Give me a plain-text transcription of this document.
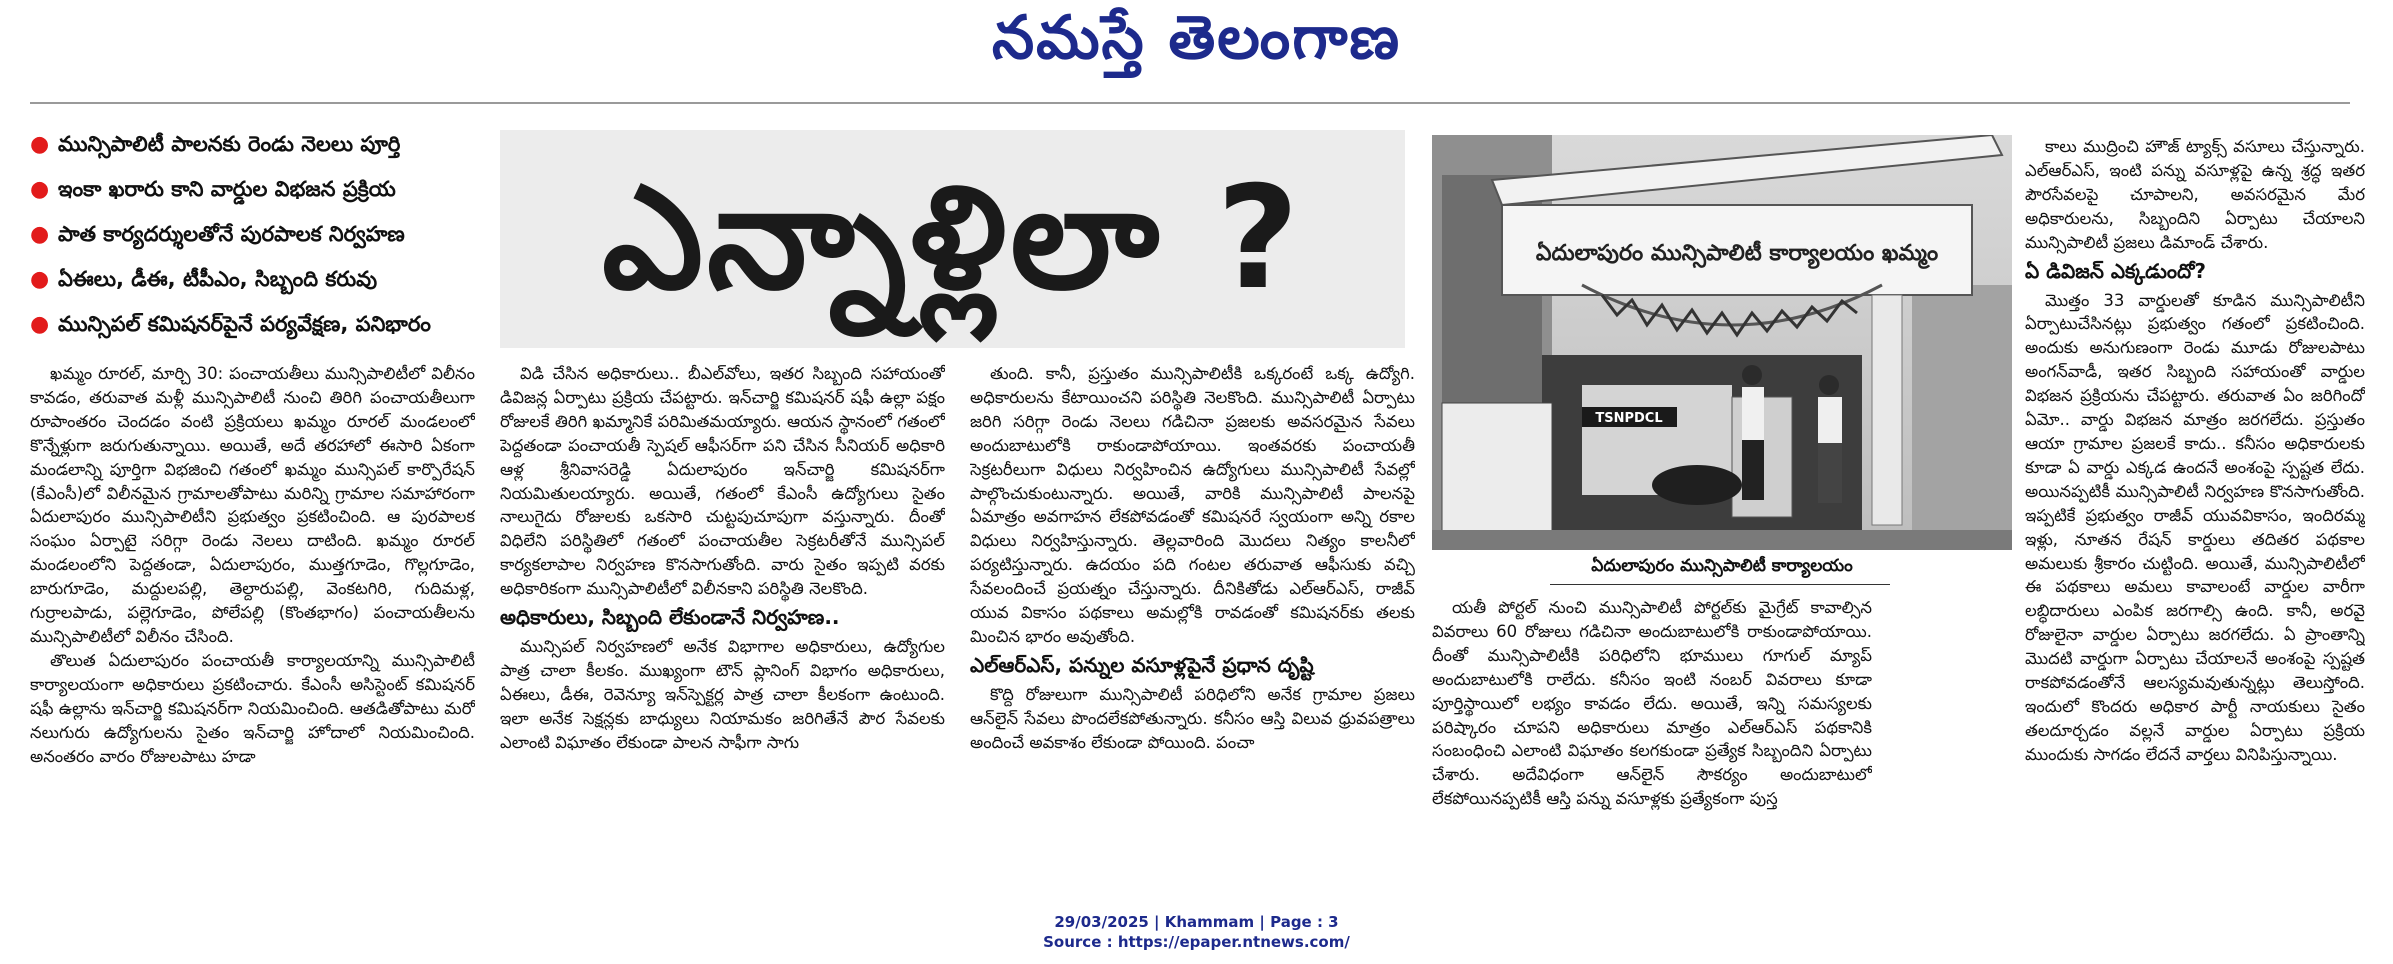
నమస్తే తెలంగాణ
● మున్సిపాలిటీ పాలనకు రెండు నెలలు పూర్తి
● ఇంకా ఖరారు కాని వార్డుల విభజన ప్రక్రియ
● పాత కార్యదర్శులతోనే పురపాలక నిర్వహణ
● ఏఈలు, డీఈ, టీపీఎం, సిబ్బంది కరువు
● మున్సిపల్ కమిషనర్‌పైనే పర్యవేక్షణ, పనిభారం
ఎన్నాళ్లిలా ?	ఏదులాపురం మున్సిపాలిటీ కార్యాలయం ఖమ్మం
TSNPDCL
ఏదులాపురం మున్సిపాలిటీ కార్యాలయం

ఖమ్మం రూరల్‌, మార్చి 30: పంచాయతీలు మున్సిపాలిటీలో విలీనం కావడం, తరువాత మళ్లీ మున్సిపాలిటీ నుంచి తిరిగి పంచాయతీలుగా రూపాంతరం చెందడం వంటి ప్రక్రియలు ఖమ్మం రూరల్‌ మండలంలో కొన్నేళ్లుగా జరుగుతున్నాయి. అయితే, అదే తరహాలో ఈసారి ఏకంగా మండలాన్ని పూర్తిగా విభజించి గతంలో ఖమ్మం మున్సిపల్‌ కార్పొరేషన్‌ (కేఎంసీ)లో విలీనమైన గ్రామాలతోపాటు మరిన్ని గ్రామాల సమాహారంగా ఏదులాపురం మున్సిపాలిటీని ప్రభుత్వం ప్రకటించింది. ఆ పురపాలక సంఘం ఏర్పాటై సరిగ్గా రెండు నెలలు దాటింది. ఖమ్మం రూరల్‌ మండలంలోని పెద్దతండా, ఏదులాపురం, ముత్తగూడెం, గొల్లగూడెం, బారుగూడెం, మద్దులపల్లి, తెల్దారుపల్లి, వెంకటగిరి, గుదిమళ్ల, గుర్రాలపాడు, పల్లెగూడెం, పోలేపల్లి (కొంతభాగం) పంచాయతీలను మున్సిపాలిటీలో విలీనం చేసింది.

తొలుత ఏదులాపురం పంచాయతీ కార్యాలయాన్ని మున్సిపాలిటీ కార్యాలయంగా అధికారులు ప్రకటించారు. కేఎంసీ అసిస్టెంట్‌ కమిషనర్‌ షఫీ ఉల్లాను ఇన్‌చార్జి కమిషనర్‌గా నియమించింది. ఆతడితోపాటు మరో నలుగురు ఉద్యోగులను సైతం ఇన్‌చార్జి హోదాలో నియమించింది. అనంతరం వారం రోజులపాటు హడా

విడి చేసిన అధికారులు.. బీఎల్‌వోలు, ఇతర సిబ్బంది సహాయంతో డివిజన్ల ఏర్పాటు ప్రక్రియ చేపట్టారు. ఇన్‌చార్జి కమిషనర్‌ షఫీ ఉల్లా పక్షం రోజులకే తిరిగి ఖమ్మానికే పరిమితమయ్యారు. ఆయన స్థానంలో గతంలో పెద్దతండా పంచాయతీ స్పెషల్‌ ఆఫీసర్‌గా పని చేసిన సీనియర్‌ అధికారి ఆళ్ల శ్రీనివాసరెడ్డి ఏదులాపురం ఇన్‌చార్జి కమిషనర్‌గా నియమితులయ్యారు. అయితే, గతంలో కేఎంసీ ఉద్యోగులు సైతం నాలుగైదు రోజులకు ఒకసారి చుట్టపుచూపుగా వస్తున్నారు. దీంతో విధిలేని పరిస్థితిలో గతంలో పంచాయతీల సెక్రటరీతోనే మున్సిపల్‌ కార్యకలాపాల నిర్వహణ కొనసాగుతోంది. వారు సైతం ఇప్పటి వరకు అధికారికంగా మున్సిపాలిటీలో విలీనకాని పరిస్థితి నెలకొంది.

అధికారులు, సిబ్బంది లేకుండానే నిర్వహణ..

మున్సిపల్‌ నిర్వహణలో అనేక విభాగాల అధికారులు, ఉద్యోగుల పాత్ర చాలా కీలకం. ముఖ్యంగా టౌన్‌ ప్లానింగ్‌ విభాగం అధికారులు, ఏఈలు, డీఈ, రెవెన్యూ ఇన్‌స్పెక్టర్ల పాత్ర చాలా కీలకంగా ఉంటుంది. ఇలా అనేక సెక్షన్లకు బాధ్యులు నియామకం జరిగితేనే పౌర సేవలకు ఎలాంటి విఘాతం లేకుండా పాలన సాఫీగా సాగు

తుంది. కానీ, ప్రస్తుతం మున్సిపాలిటీకి ఒక్కరంటే ఒక్క ఉద్యోగి. అధికారులను కేటాయించని పరిస్థితి నెలకొంది. మున్సిపాలిటీ ఏర్పాటు జరిగి సరిగ్గా రెండు నెలలు గడిచినా ప్రజలకు అవసరమైన సేవలు అందుబాటులోకి రాకుండాపోయాయి. ఇంతవరకు పంచాయతీ సెక్రటరీలుగా విధులు నిర్వహించిన ఉద్యోగులు మున్సిపాలిటీ సేవల్లో పాల్గొంచుకుంటున్నారు. అయితే, వారికి మున్సిపాలిటీ పాలనపై ఏమాత్రం అవగాహన లేకపోవడంతో కమిషనరే స్వయంగా అన్ని రకాల విధులు నిర్వహిస్తున్నారు. తెల్లవారింది మొదలు నిత్యం కాలనీలో పర్యటిస్తున్నారు. ఉదయం పది గంటల తరువాత ఆఫీసుకు వచ్చి సేవలందించే ప్రయత్నం చేస్తున్నారు. దీనికితోడు ఎల్‌ఆర్‌ఎస్‌, రాజీవ్‌ యువ వికాసం పథకాలు అమల్లోకి రావడంతో కమిషనర్‌కు తలకు మించిన భారం అవుతోంది.

ఎల్‌ఆర్‌ఎస్‌, పన్నుల వసూళ్లపైనే ప్రధాన దృష్టి

కొద్ది రోజులుగా మున్సిపాలిటీ పరిధిలోని అనేక గ్రామాల ప్రజలు ఆన్‌లైన్‌ సేవలు పొందలేకపోతున్నారు. కనీసం ఆస్తి విలువ ధ్రువపత్రాలు అందించే అవకాశం లేకుండా పోయింది. పంచా

యతీ పోర్టల్‌ నుంచి మున్సిపాలిటీ పోర్టల్‌కు మైగ్రేట్‌ కావాల్సిన వివరాలు 60 రోజులు గడిచినా అందుబాటులోకి రాకుండాపోయాయి. దీంతో మున్సిపాలిటీకి పరిధిలోని భూములు గూగుల్‌ మ్యాప్‌ అందుబాటులోకి రాలేదు. కనీసం ఇంటి నంబర్‌ వివరాలు కూడా పూర్తిస్థాయిలో లభ్యం కావడం లేదు. అయితే, ఇన్ని సమస్యలకు పరిష్కారం చూపని అధికారులు మాత్రం ఎల్‌ఆర్‌ఎస్‌ పథకానికి సంబంధించి ఎలాంటి విఘాతం కలగకుండా ప్రత్యేక సిబ్బందిని ఏర్పాటు చేశారు. అదేవిధంగా ఆన్‌లైన్‌ సౌకర్యం అందుబాటులో లేకపోయినప్పటికీ ఆస్తి పన్ను వసూళ్లకు ప్రత్యేకంగా పుస్త

కాలు ముద్రించి హౌజ్‌ ట్యాక్స్‌ వసూలు చేస్తున్నారు. ఎల్‌ఆర్‌ఎస్‌, ఇంటి పన్ను వసూళ్లపై ఉన్న శ్రద్ధ ఇతర పౌరసేవలపై చూపాలని, అవసరమైన మేర అధికారులను, సిబ్బందిని ఏర్పాటు చేయాలని మున్సిపాలిటీ ప్రజలు డిమాండ్‌ చేశారు.

ఏ డివిజన్‌ ఎక్కడుందో?

మొత్తం 33 వార్డులతో కూడిన మున్సిపాలిటీని ఏర్పాటుచేసినట్లు ప్రభుత్వం గతంలో ప్రకటించింది. అందుకు అనుగుణంగా రెండు మూడు రోజులపాటు అంగన్‌వాడీ, ఇతర సిబ్బంది సహాయంతో వార్డుల విభజన ప్రక్రియను చేపట్టారు. తరువాత ఏం జరిగిందో ఏమో.. వార్డు విభజన మాత్రం జరగలేదు. ప్రస్తుతం ఆయా గ్రామాల ప్రజలకే కాదు.. కనీసం అధికారులకు కూడా ఏ వార్డు ఎక్కడ ఉందనే అంశంపై స్పష్టత లేదు. అయినప్పటికీ మున్సిపాలిటీ నిర్వహణ కొనసాగుతోంది. ఇప్పటికే ప్రభుత్వం రాజీవ్‌ యువవికాసం, ఇందిరమ్మ ఇళ్లు, నూతన రేషన్‌ కార్డులు తదితర పథకాల అమలుకు శ్రీకారం చుట్టింది. అయితే, మున్సిపాలిటీలో ఈ పథకాలు అమలు కావాలంటే వార్డుల వారీగా లబ్ధిదారులు ఎంపిక జరగాల్సి ఉంది. కానీ, అరవై రోజులైనా వార్డుల ఏర్పాటు జరగలేదు. ఏ ప్రాంతాన్ని మొదటి వార్డుగా ఏర్పాటు చేయాలనే అంశంపై స్పష్టత రాకపోవడంతోనే ఆలస్యమవుతున్నట్లు తెలుస్తోంది. ఇందులో కొందరు అధికార పార్టీ నాయకులు సైతం తలదూర్చడం వల్లనే వార్డుల ఏర్పాటు ప్రక్రియ ముందుకు సాగడం లేదనే వార్తలు వినిపిస్తున్నాయి.

29/03/2025 | Khammam | Page : 3
Source : https://epaper.ntnews.com/
